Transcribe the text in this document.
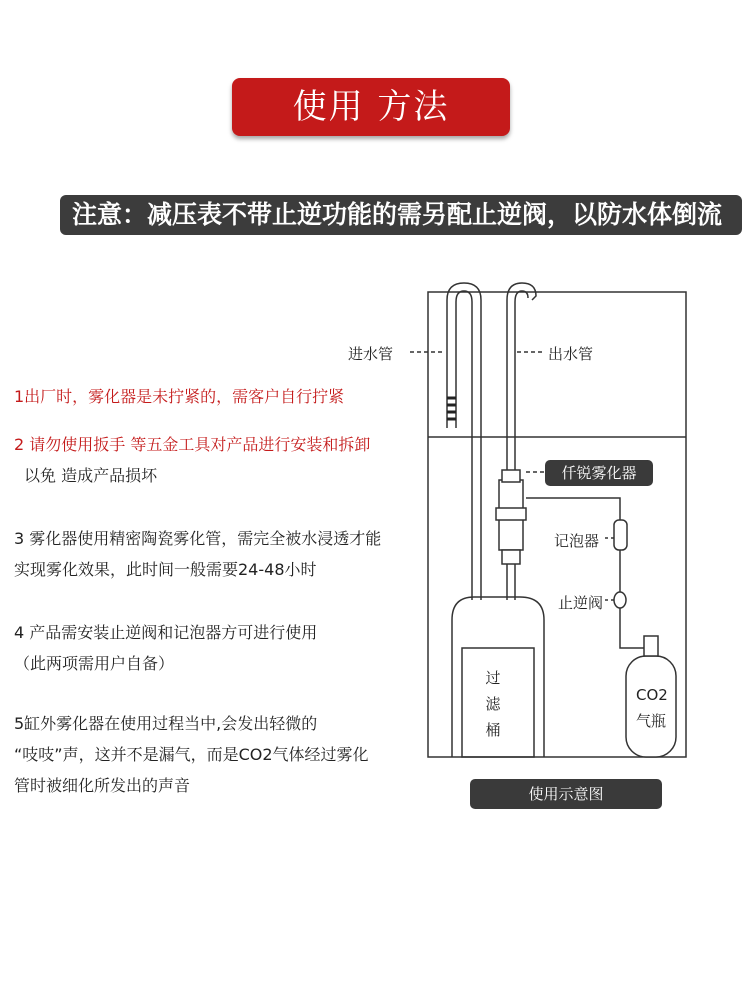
使用 方法
注意：减压表不带止逆功能的需另配止逆阀，以防水体倒流
1出厂时，雾化器是未拧紧的，需客户自行拧紧
2 请勿使用扳手 等五金工具对产品进行安装和拆卸
以免 造成产品损坏
3 雾化器使用精密陶瓷雾化管，需完全被水浸透才能
实现雾化效果，此时间一般需要24-48小时
4 产品需安装止逆阀和记泡器方可进行使用
（此两项需用户自备）
5缸外雾化器在使用过程当中,会发出轻微的
“吱吱”声，这并不是漏气，而是CO2气体经过雾化
管时被细化所发出的声音
进水管	出水管
仟锐雾化器
记泡器
止逆阀
过
滤
桶
CO2
气瓶
使用示意图
